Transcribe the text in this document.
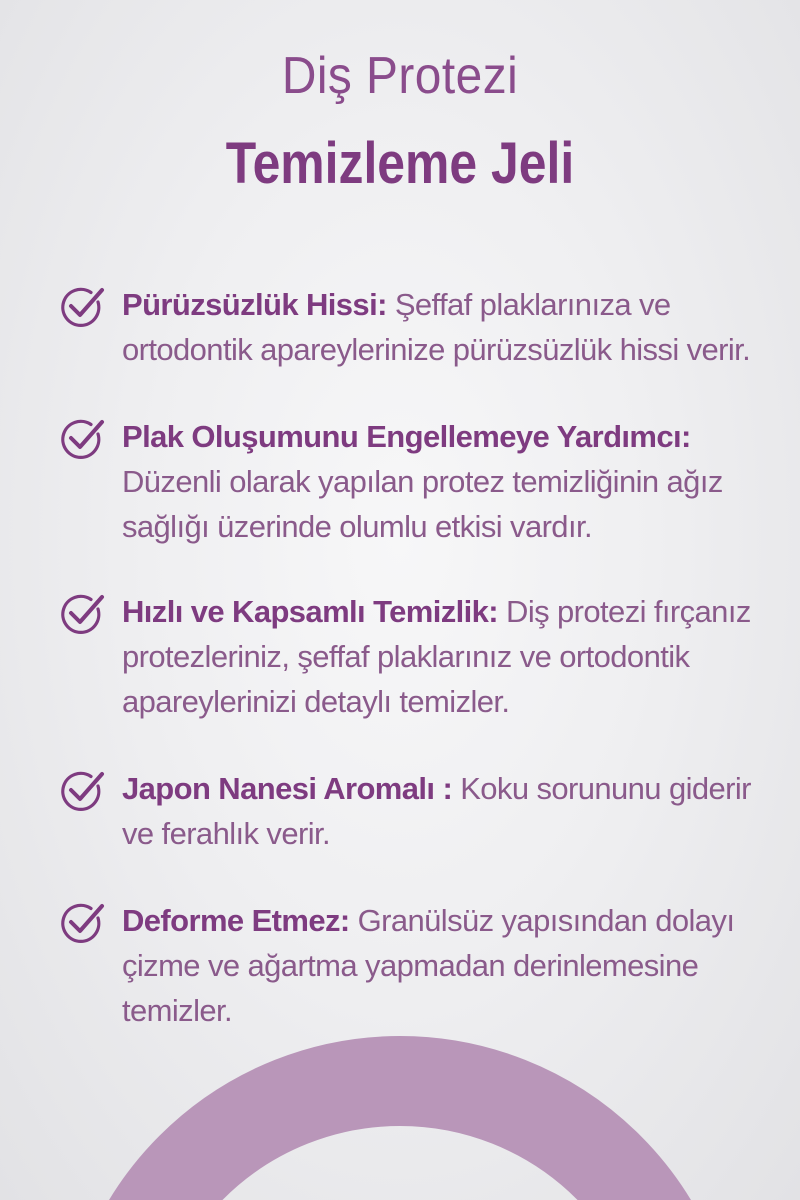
Diş Protezi
Temizleme Jeli
Pürüzsüzlük Hissi: Şeffaf plaklarınıza ve ortodontik apareylerinize pürüzsüzlük hissi verir.
Plak Oluşumunu Engellemeye Yardımcı:
Düzenli olarak yapılan protez temizliğinin ağız sağlığı üzerinde olumlu etkisi vardır.
Hızlı ve Kapsamlı Temizlik: Diş protezi fırçanız protezleriniz, şeffaf plaklarınız ve ortodontik apareylerinizi detaylı temizler.
Japon Nanesi Aromalı : Koku sorununu giderir ve ferahlık verir.
Deforme Etmez: Granülsüz yapısından dolayı çizme ve ağartma yapmadan derinlemesine temizler.
